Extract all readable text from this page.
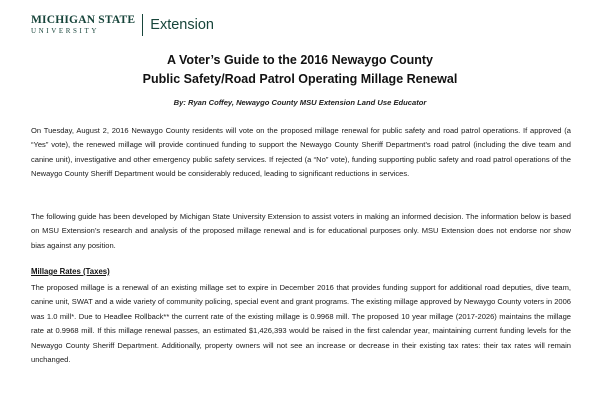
MICHIGAN STATE
UNIVERSITY	Extension
A Voter’s Guide to the 2016 Newaygo County
Public Safety/Road Patrol Operating Millage Renewal
By: Ryan Coffey, Newaygo County MSU Extension Land Use Educator

On Tuesday, August 2, 2016 Newaygo County residents will vote on the proposed millage renewal for public safety and road patrol operations. If approved (a “Yes” vote), the renewed millage will provide continued funding to support the Newaygo County Sheriff Department’s road patrol (including the dive team and canine unit), investigative and other emergency public safety services. If rejected (a “No” vote), funding supporting public safety and road patrol operations of the Newaygo County Sheriff Department would be considerably reduced, leading to significant reductions in services.

The following guide has been developed by Michigan State University Extension to assist voters in making an informed decision. The information below is based on MSU Extension’s research and analysis of the proposed millage renewal and is for educational purposes only. MSU Extension does not endorse nor show bias against any position.

Millage Rates (Taxes)

The proposed millage is a renewal of an existing millage set to expire in December 2016 that provides funding support for additional road deputies, dive team, canine unit, SWAT and a wide variety of community policing, special event and grant programs. The existing millage approved by Newaygo County voters in 2006 was 1.0 mill*. Due to Headlee Rollback** the current rate of the existing millage is 0.9968 mill. The proposed 10 year millage (2017-2026) maintains the millage rate at 0.9968 mill. If this millage renewal passes, an estimated $1,426,393 would be raised in the first calendar year, maintaining current funding levels for the Newaygo County Sheriff Department. Additionally, property owners will not see an increase or decrease in their existing tax rates: their tax rates will remain unchanged.
